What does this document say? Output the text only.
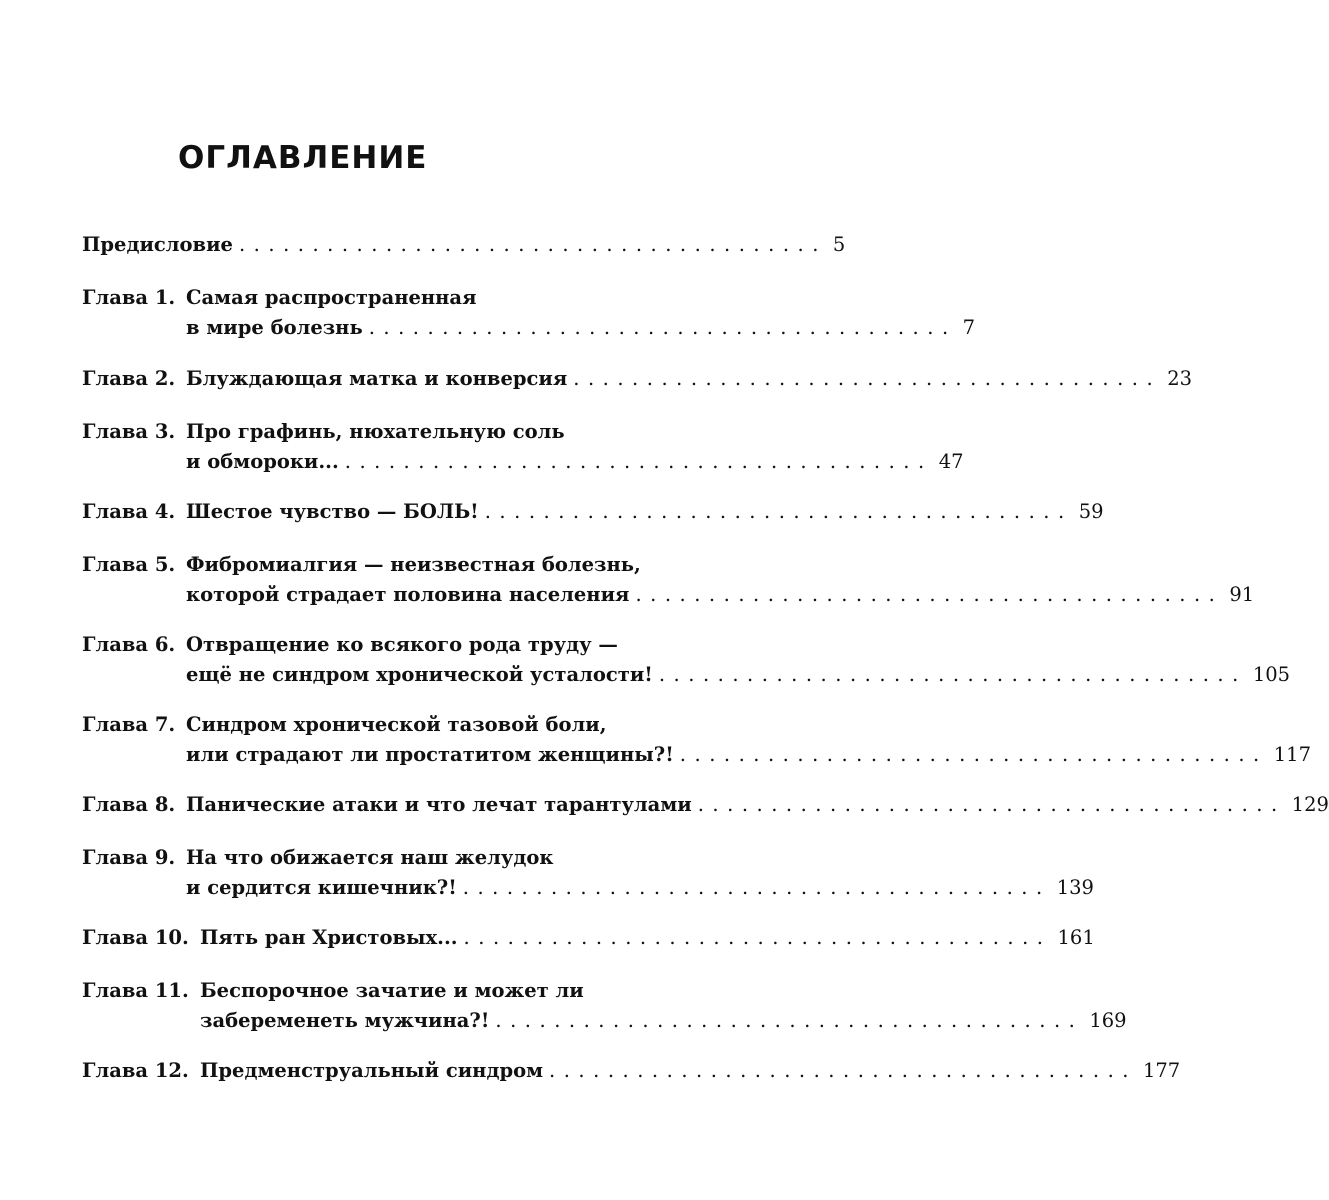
ОГЛАВЛЕНИЕ
Предисловие ........................................ 5
Глава 1. Самая распространенная
в мире болезнь ........................................ 7
Глава 2. Блуждающая матка и конверсия ........................................ 23
Глава 3. Про графинь, нюхательную соль
и обмороки... ........................................ 47
Глава 4. Шестое чувство — БОЛЬ! ........................................ 59
Глава 5. Фибромиалгия — неизвестная болезнь,
которой страдает половина населения ........................................ 91
Глава 6. Отвращение ко всякого рода труду —
ещё не синдром хронической усталости! ........................................ 105
Глава 7. Синдром хронической тазовой боли,
или страдают ли простатитом женщины?! ........................................ 117
Глава 8. Панические атаки и что лечат тарантулами ........................................ 129
Глава 9. На что обижается наш желудок
и сердится кишечник?! ........................................ 139
Глава 10. Пять ран Христовых... ........................................ 161
Глава 11. Беспорочное зачатие и может ли
забеременеть мужчина?! ........................................ 169
Глава 12. Предменструальный синдром ........................................ 177
